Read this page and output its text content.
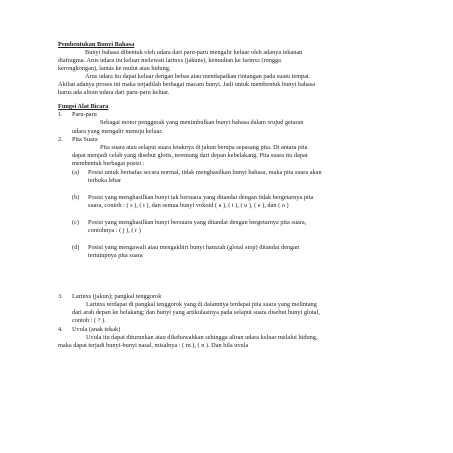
Pembentukan Bunyi Bahasa
Bunyi bahasa dibentuk oleh udara dari paru-paru mengalir keluar oleh adanya tekanan
diafragma. Arus udara itu keluar melewati larinxs (jakuns), kemudian ke farinxs (rongga
kerongkongan), lantas ke mulut atau hidung.
Arus udara itu dapat keluar dengan bebas atau mendapatkan rintangan pada suatu tempat.
Akibat adanya proses ini maka terjadilah berbagai macam bunyi. Jadi untuk membentuk bunyi bahasa
harus ada aliran udara dari paru-paru keluar.
Fungsi Alat Bicara
1. Paru-paru
Sebagai motor penggerak yang menimbulkan bunyi bahasa dalam wujud getaran
udara yang mengalir menuju keluar.
2. Pita Suara
Pita suara atau selaput suara letaknya di jakun berupa sepasang pita. Di antara pita
dapat menjadi celah yang disebut glotis, terentang dari depan kebelakang. Pita suara itu dapat
membentuk berbagai posisi :
(a) Posisi untuk bernafas secara normal, tidak menghasilkan bunyi bahasa, maka pita suara akan
terbuka lebar
(b) Posisi yang menghasilkan bunyi tak bersuara yang ditandai dengan tidak bergetarnya pita
suara, contoh : ( s ), ( t ), dan semua bunyi vokoid ( a ), ( i ), ( u ), ( e ), dan ( o )
(c) Posisi yang menghasilkan bunyi bersuara yang ditandai dengan bergetarnya pita suara,
contohnya : ( j ), ( r )
(d) Posisi yang mengawali atau mengakhiri bunyi hamzah (glotal stop) ditandai dengan
tertutupnya pita suara
3. Larinxs (jakun); pangkal tenggorok
Larinxs terdapat di pangkal tenggorok yang di dalamnya terdapat pita suara yang melintang
dari arah depan ke belakang; dan bunyi yang artikulasinya pada selaput suara disebut bunyi glotal,
contoh : ( ? ).
4. Uvula (anak tekak)
Uvula itu dapat diturunkan atau dikebawahkan sehingga aliran udara keluar melalui hidung,
maka dapat terjadi bunyi-bunyi nasal, misalnya : ( m ), ( n ). Dan bila uvula
